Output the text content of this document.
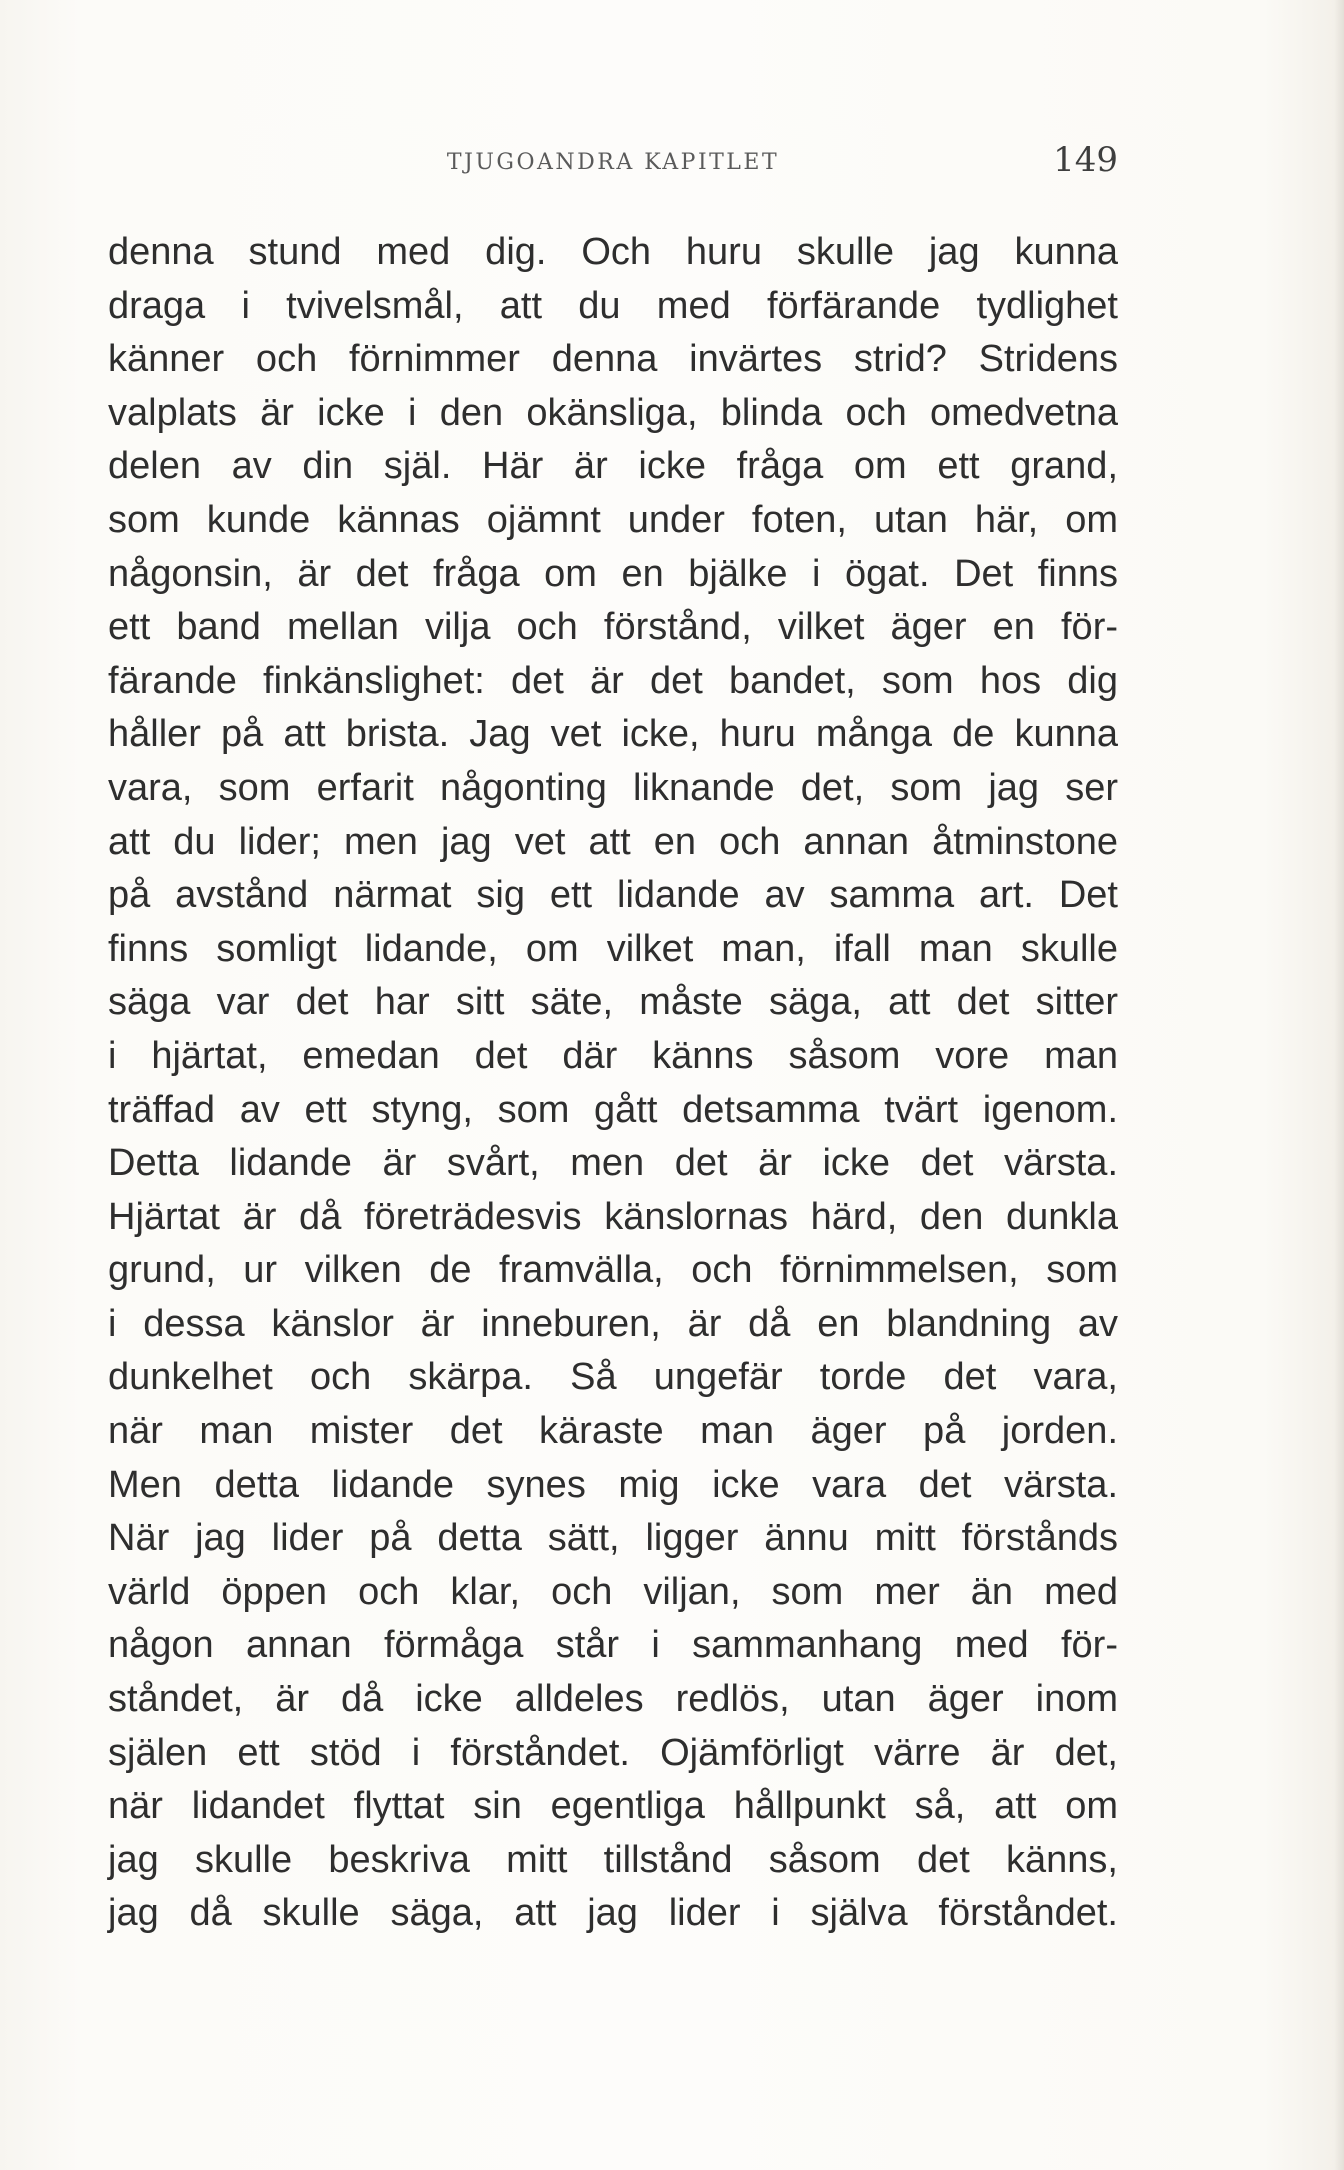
TJUGOANDRA KAPITLET	149
denna stund med dig. Och huru skulle jag kunna
draga i tvivelsmål, att du med förfärande tydlighet
känner och förnimmer denna invärtes strid? Stridens
valplats är icke i den okänsliga, blinda och omedvetna
delen av din själ. Här är icke fråga om ett grand,
som kunde kännas ojämnt under foten, utan här, om
någonsin, är det fråga om en bjälke i ögat. Det finns
ett band mellan vilja och förstånd, vilket äger en för-
färande finkänslighet: det är det bandet, som hos dig
håller på att brista. Jag vet icke, huru många de kunna
vara, som erfarit någonting liknande det, som jag ser
att du lider; men jag vet att en och annan åtminstone
på avstånd närmat sig ett lidande av samma art. Det
finns somligt lidande, om vilket man, ifall man skulle
säga var det har sitt säte, måste säga, att det sitter
i hjärtat, emedan det där känns såsom vore man
träffad av ett styng, som gått detsamma tvärt igenom.
Detta lidande är svårt, men det är icke det värsta.
Hjärtat är då företrädesvis känslornas härd, den dunkla
grund, ur vilken de framvälla, och förnimmelsen, som
i dessa känslor är inneburen, är då en blandning av
dunkelhet och skärpa. Så ungefär torde det vara,
när man mister det käraste man äger på jorden.
Men detta lidande synes mig icke vara det värsta.
När jag lider på detta sätt, ligger ännu mitt förstånds
värld öppen och klar, och viljan, som mer än med
någon annan förmåga står i sammanhang med för-
ståndet, är då icke alldeles redlös, utan äger inom
själen ett stöd i förståndet. Ojämförligt värre är det,
när lidandet flyttat sin egentliga hållpunkt så, att om
jag skulle beskriva mitt tillstånd såsom det känns,
jag då skulle säga, att jag lider i själva förståndet.
